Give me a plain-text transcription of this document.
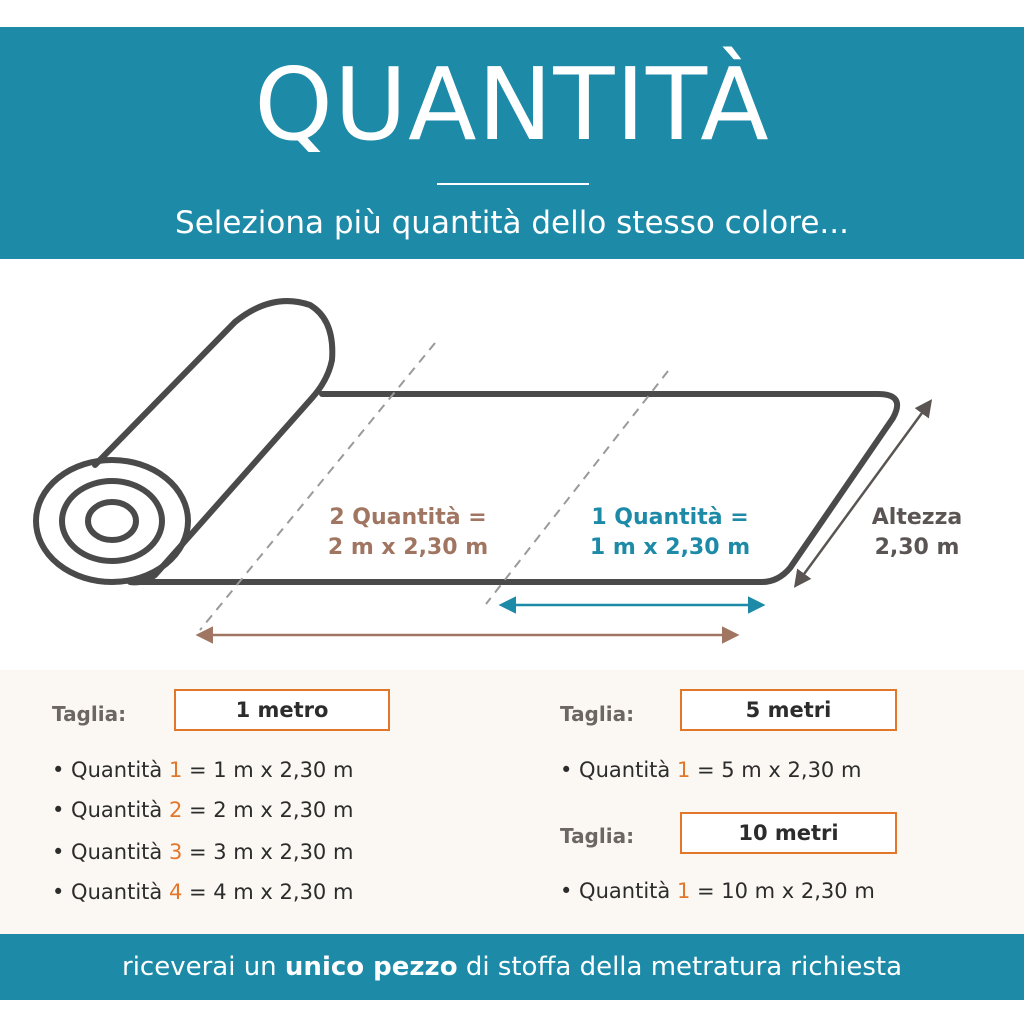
QUANTITÀ
Seleziona più quantità dello stesso colore...
2 Quantità =
2 m x 2,30 m
1 Quantità =
1 m x 2,30 m
Altezza
2,30 m
Taglia:	1 metro
• Quantità 1 = 1 m x 2,30 m
• Quantità 2 = 2 m x 2,30 m
• Quantità 3 = 3 m x 2,30 m
• Quantità 4 = 4 m x 2,30 m
Taglia:	5 metri
• Quantità 1 = 5 m x 2,30 m
Taglia:	10 metri
• Quantità 1 = 10 m x 2,30 m
riceverai un unico pezzo di stoffa della metratura richiesta
